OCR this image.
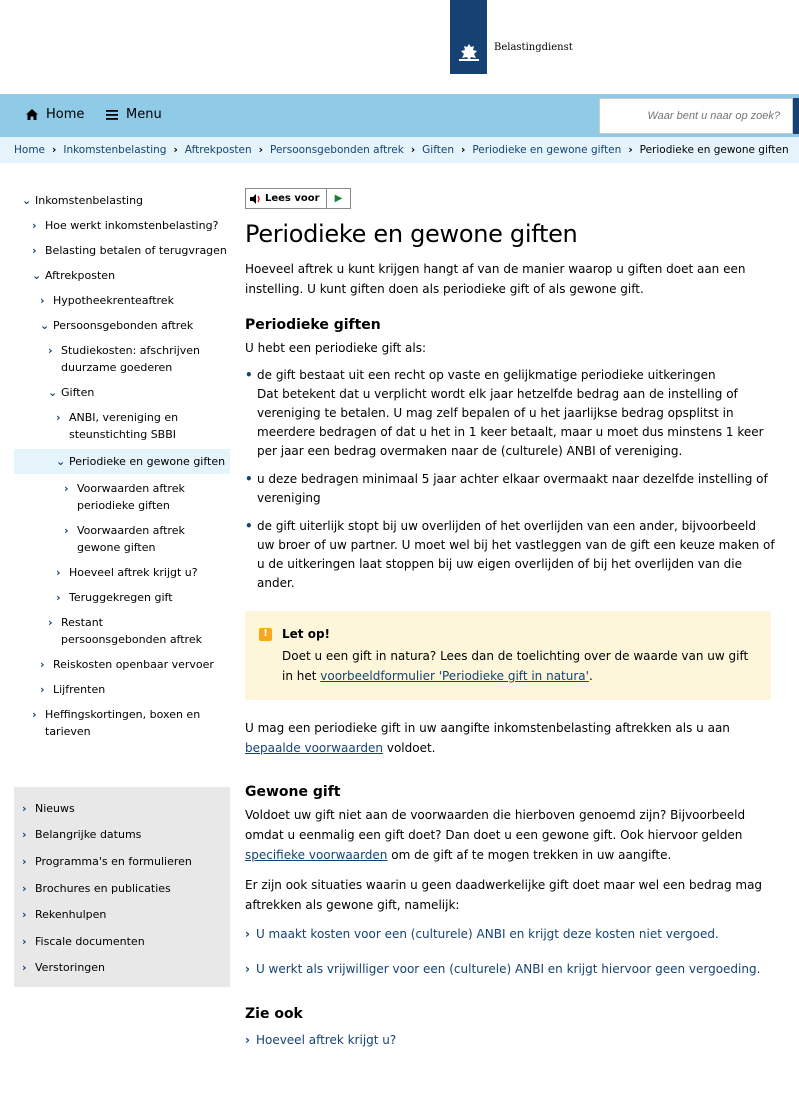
Belastingdienst
Home	Menu
Waar bent u naar op zoek?
Home › Inkomstenbelasting › Aftrekposten › Persoonsgebonden aftrek › Giften › Periodieke en gewone giften › Periodieke en gewone giften
⌄ Inkomstenbelasting
› Hoe werkt inkomstenbelasting?
› Belasting betalen of terugvragen
⌄ Aftrekposten
› Hypotheekrenteaftrek
⌄ Persoonsgebonden aftrek
› Studiekosten: afschrijven duurzame goederen
⌄ Giften
› ANBI, vereniging en steunstichting SBBI
⌄ Periodieke en gewone giften
› Voorwaarden aftrek periodieke giften
› Voorwaarden aftrek gewone giften
› Hoeveel aftrek krijgt u?
› Teruggekregen gift
› Restant persoonsgebonden aftrek
› Reiskosten openbaar vervoer
› Lijfrenten
› Heffingskortingen, boxen en tarieven
› Nieuws
› Belangrijke datums
› Programma's en formulieren
› Brochures en publicaties
› Rekenhulpen
› Fiscale documenten
› Verstoringen
Lees voor	▶
Periodieke en gewone giften

Hoeveel aftrek u kunt krijgen hangt af van de manier waarop u giften doet aan een instelling. U kunt giften doen als periodieke gift of als gewone gift.

Periodieke giften

U hebt een periodieke gift als:

• de gift bestaat uit een recht op vaste en gelijkmatige periodieke uitkeringen
Dat betekent dat u verplicht wordt elk jaar hetzelfde bedrag aan de instelling of vereniging te betalen. U mag zelf bepalen of u het jaarlijkse bedrag opsplitst in meerdere bedragen of dat u het in 1 keer betaalt, maar u moet dus minstens 1 keer per jaar een bedrag overmaken naar de (culturele) ANBI of vereniging.
• u deze bedragen minimaal 5 jaar achter elkaar overmaakt naar dezelfde instelling of vereniging
• de gift uiterlijk stopt bij uw overlijden of het overlijden van een ander, bijvoorbeeld uw broer of uw partner. U moet wel bij het vastleggen van de gift een keuze maken of u de uitkeringen laat stoppen bij uw eigen overlijden of bij het overlijden van die ander.
!	Let op!
Doet u een gift in natura? Lees dan de toelichting over de waarde van uw gift in het voorbeeldformulier 'Periodieke gift in natura'.

U mag een periodieke gift in uw aangifte inkomstenbelasting aftrekken als u aan bepaalde voorwaarden voldoet.

Gewone gift

Voldoet uw gift niet aan de voorwaarden die hierboven genoemd zijn? Bijvoorbeeld omdat u eenmalig een gift doet? Dan doet u een gewone gift. Ook hiervoor gelden specifieke voorwaarden om de gift af te mogen trekken in uw aangifte.

Er zijn ook situaties waarin u geen daadwerkelijke gift doet maar wel een bedrag mag aftrekken als gewone gift, namelijk:

› U maakt kosten voor een (culturele) ANBI en krijgt deze kosten niet vergoed.
› U werkt als vrijwilliger voor een (culturele) ANBI en krijgt hiervoor geen vergoeding.
Zie ook
› Hoeveel aftrek krijgt u?
